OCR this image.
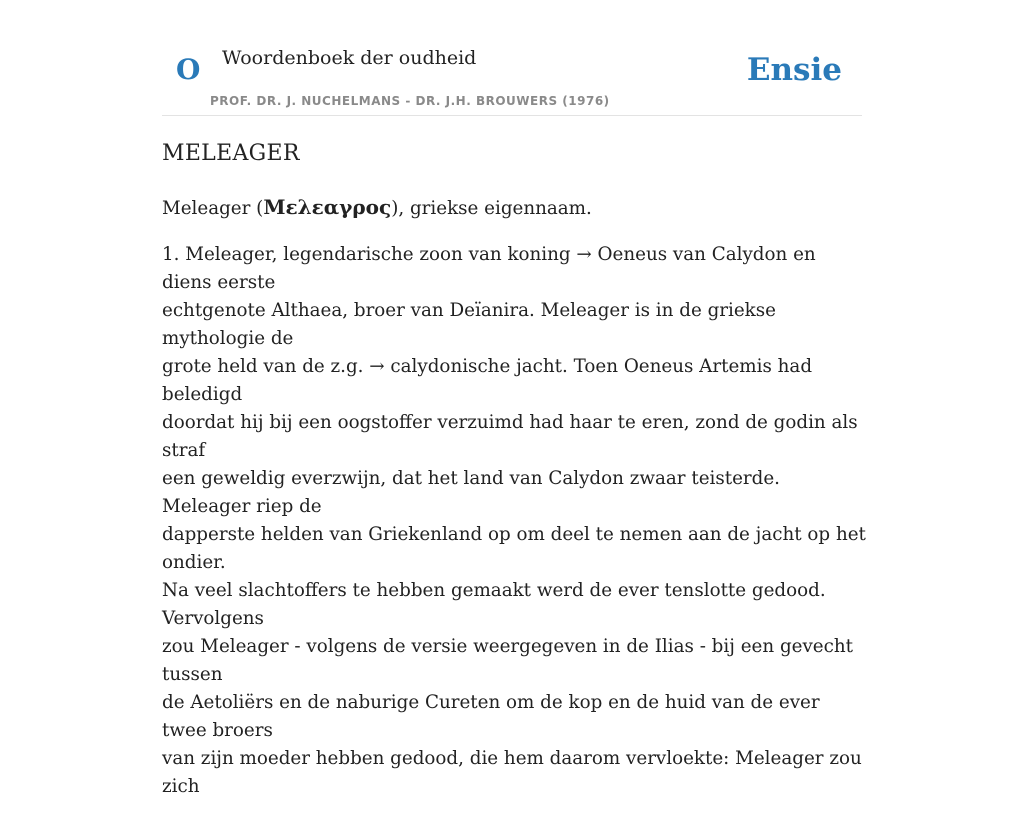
O Woordenboek der oudheid
PROF. DR. J. NUCHELMANS - DR. J.H. BROUWERS (1976)
Ensie
MELEAGER

Meleager (Μελεαγρος), griekse eigennaam.

1. Meleager, legendarische zoon van koning → Oeneus van Calydon en diens eerste
echtgenote Althaea, broer van Deïanira. Meleager is in de griekse mythologie de
grote held van de z.g. → calydonische jacht. Toen Oeneus Artemis had beledigd
doordat hij bij een oogstoffer verzuimd had haar te eren, zond de godin als straf
een geweldig everzwijn, dat het land van Calydon zwaar teisterde. Meleager riep de
dapperste helden van Griekenland op om deel te nemen aan de jacht op het ondier.
Na veel slachtoffers te hebben gemaakt werd de ever tenslotte gedood. Vervolgens
zou Meleager - volgens de versie weergegeven in de Ilias - bij een gevecht tussen
de Aetoliërs en de naburige Cureten om de kop en de huid van de ever twee broers
van zijn moeder hebben gedood, die hem daarom vervloekte: Meleager zou zich
